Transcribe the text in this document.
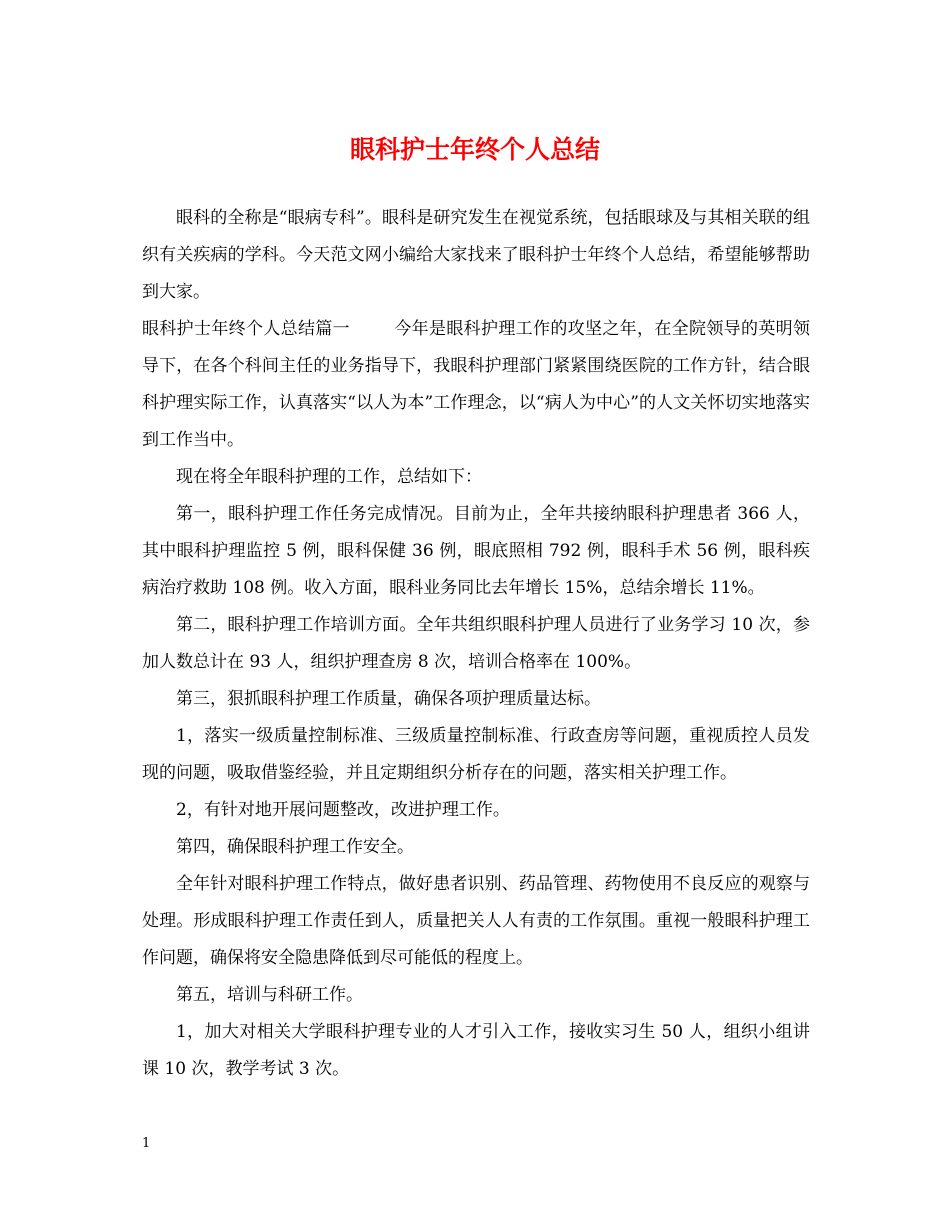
眼科护士年终个人总结

眼科的全称是“眼病专科”。眼科是研究发生在视觉系统，包括眼球及与其相关联的组织有关疾病的学科。今天范文网小编给大家找来了眼科护士年终个人总结，希望能够帮助到大家。

眼科护士年终个人总结篇一	今年是眼科护理工作的攻坚之年，在全院领导的英明领导下，在各个科间主任的业务指导下，我眼科护理部门紧紧围绕医院的工作方针，结合眼科护理实际工作，认真落实“以人为本”工作理念，以“病人为中心”的人文关怀切实地落实到工作当中。

现在将全年眼科护理的工作，总结如下：

第一，眼科护理工作任务完成情况。目前为止，全年共接纳眼科护理患者 366 人，其中眼科护理监控 5 例，眼科保健 36 例，眼底照相 792 例，眼科手术 56 例，眼科疾病治疗救助 108 例。收入方面，眼科业务同比去年增长 15%，总结余增长 11%。

第二，眼科护理工作培训方面。全年共组织眼科护理人员进行了业务学习 10 次，参加人数总计在 93 人，组织护理查房 8 次，培训合格率在 100%。

第三，狠抓眼科护理工作质量，确保各项护理质量达标。

1，落实一级质量控制标准、三级质量控制标准、行政查房等问题，重视质控人员发现的问题，吸取借鉴经验，并且定期组织分析存在的问题，落实相关护理工作。

2，有针对地开展问题整改，改进护理工作。

第四，确保眼科护理工作安全。

全年针对眼科护理工作特点，做好患者识别、药品管理、药物使用不良反应的观察与处理。形成眼科护理工作责任到人，质量把关人人有责的工作氛围。重视一般眼科护理工作问题，确保将安全隐患降低到尽可能低的程度上。

第五，培训与科研工作。

1，加大对相关大学眼科护理专业的人才引入工作，接收实习生 50 人，组织小组讲课 10 次，教学考试 3 次。

1
